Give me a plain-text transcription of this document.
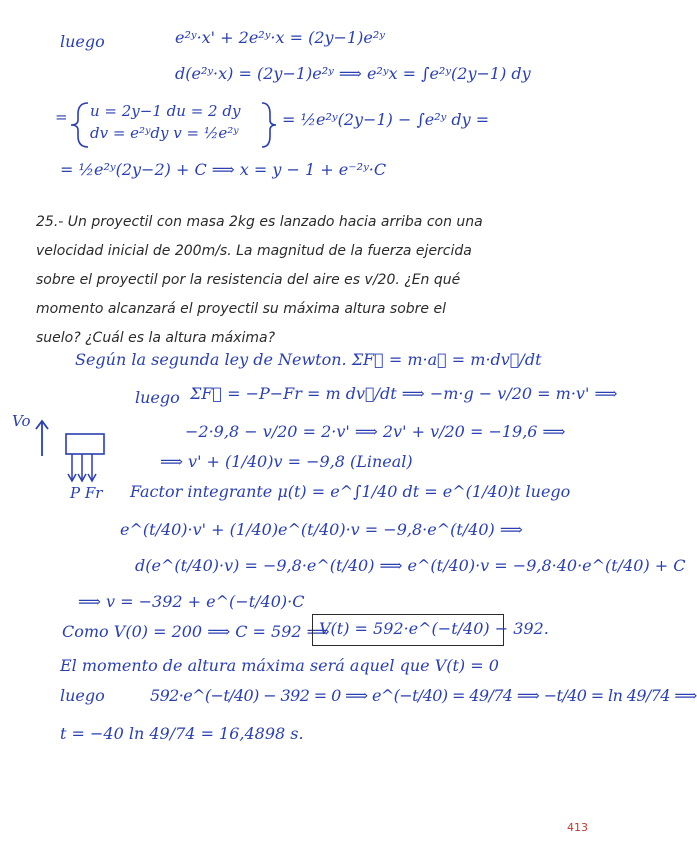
luego	e²ʸ·x' + 2e²ʸ·x = (2y−1)e²ʸ
d(e²ʸ·x) = (2y−1)e²ʸ ⟹ e²ʸx = ∫e²ʸ(2y−1) dy
= u = 2y−1 du = 2 dy
dv = e²ʸdy v = ½e²ʸ
= ½e²ʸ(2y−1) − ∫e²ʸ dy =
= ½e²ʸ(2y−2) + C ⟹ x = y − 1 + e⁻²ʸ·C
25.- Un proyectil con masa 2kg es lanzado hacia arriba con una
velocidad inicial de 200m/s. La magnitud de la fuerza ejercida
sobre el proyectil por la resistencia del aire es v/20. ¿En qué
momento alcanzará el proyectil su máxima altura sobre el
suelo? ¿Cuál es la altura máxima?
Vo
P Fr
Según la segunda ley de Newton. ΣF⃗ = m·a⃗ = m·dv⃗/dt
luego ΣF⃗ = −P−Fr = m dv⃗/dt ⟹ −m·g − v/20 = m·v' ⟹
−2·9,8 − v/20 = 2·v' ⟹ 2v' + v/20 = −19,6 ⟹
⟹ v' + (1/40)v = −9,8 (Lineal)
Factor integrante μ(t) = e^∫1/40 dt = e^(1/40)t luego
e^(t/40)·v' + (1/40)e^(t/40)·v = −9,8·e^(t/40) ⟹
d(e^(t/40)·v) = −9,8·e^(t/40) ⟹ e^(t/40)·v = −9,8·40·e^(t/40) + C
⟹ v = −392 + e^(−t/40)·C
Como V(0) = 200 ⟹ C = 592 ⟹
V(t) = 592·e^(−t/40) − 392.
El momento de altura máxima será aquel que V(t) = 0
luego	592·e^(−t/40) − 392 = 0 ⟹ e^(−t/40) = 49/74 ⟹ −t/40 = ln 49/74 ⟹
t = −40 ln 49/74 = 16,4898 s.
413
